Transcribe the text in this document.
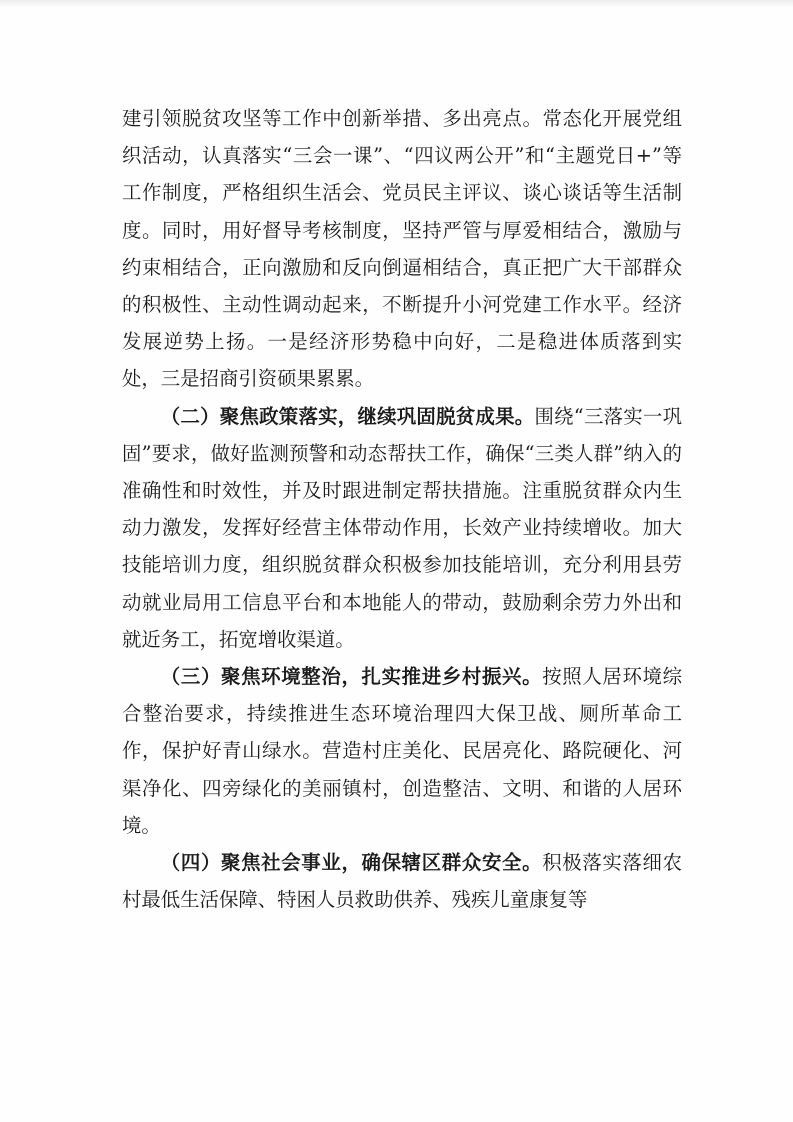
建引领脱贫攻坚等工作中创新举措、多出亮点。常态化开展党组织活动，认真落实“三会一课”、“四议两公开”和“主题党日+”等工作制度，严格组织生活会、党员民主评议、谈心谈话等生活制度。同时，用好督导考核制度，坚持严管与厚爱相结合，激励与约束相结合，正向激励和反向倒逼相结合，真正把广大干部群众的积极性、主动性调动起来，不断提升小河党建工作水平。经济发展逆势上扬。一是经济形势稳中向好，二是稳进体质落到实处，三是招商引资硕果累累。

（二）聚焦政策落实，继续巩固脱贫成果。围绕“三落实一巩固”要求，做好监测预警和动态帮扶工作，确保“三类人群”纳入的准确性和时效性，并及时跟进制定帮扶措施。注重脱贫群众内生动力激发，发挥好经营主体带动作用，长效产业持续增收。加大技能培训力度，组织脱贫群众积极参加技能培训，充分利用县劳动就业局用工信息平台和本地能人的带动，鼓励剩余劳力外出和就近务工，拓宽增收渠道。

（三）聚焦环境整治，扎实推进乡村振兴。按照人居环境综合整治要求，持续推进生态环境治理四大保卫战、厕所革命工作，保护好青山绿水。营造村庄美化、民居亮化、路院硬化、河渠净化、四旁绿化的美丽镇村，创造整洁、文明、和谐的人居环境。

（四）聚焦社会事业，确保辖区群众安全。积极落实落细农村最低生活保障、特困人员救助供养、残疾儿童康复等
